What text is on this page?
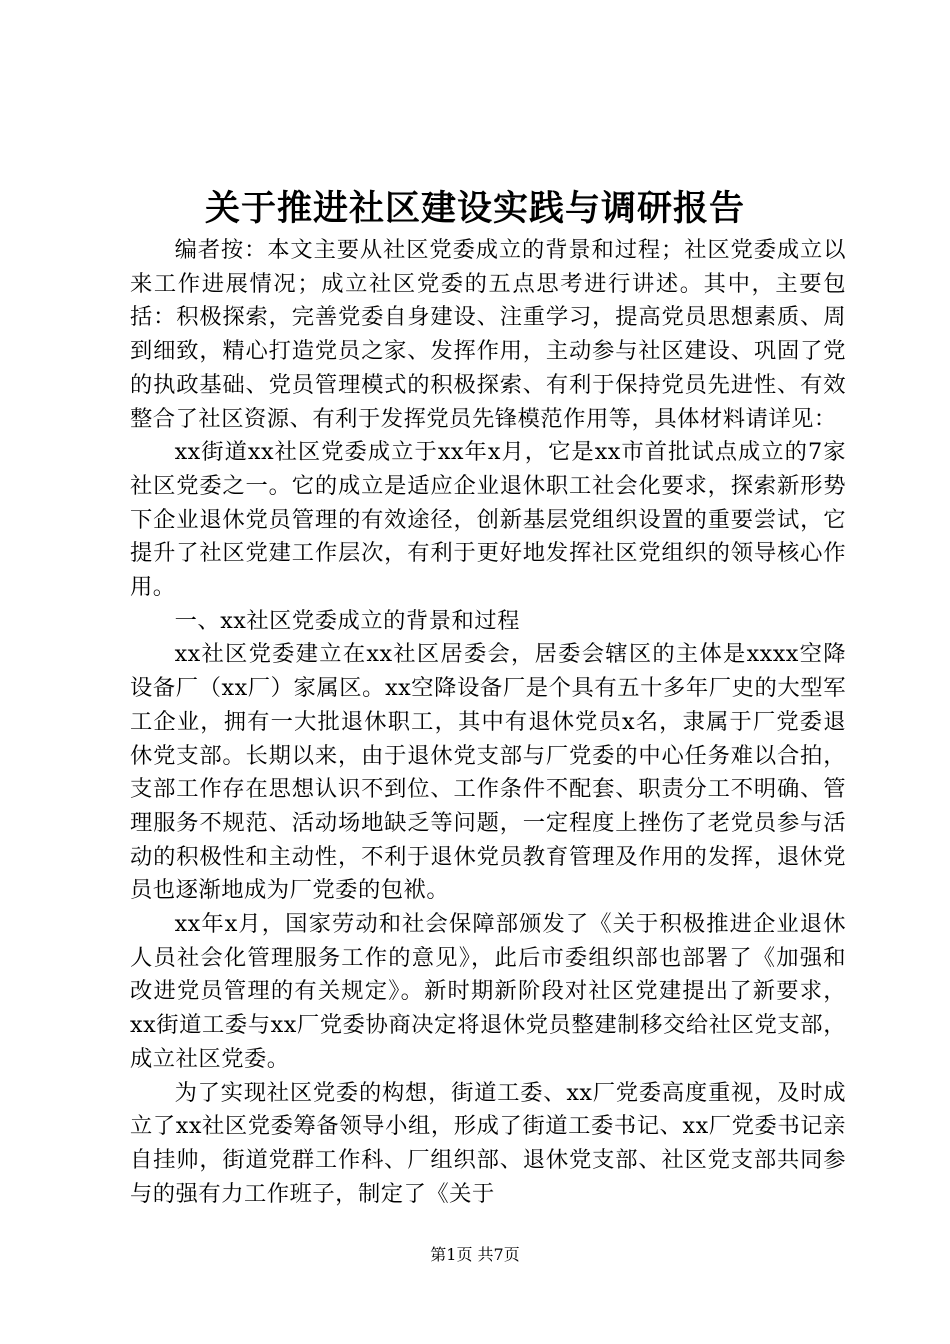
关于推进社区建设实践与调研报告

编者按：本文主要从社区党委成立的背景和过程；社区党委成立以来工作进展情况；成立社区党委的五点思考进行讲述。其中，主要包括：积极探索，完善党委自身建设、注重学习，提高党员思想素质、周到细致，精心打造党员之家、发挥作用，主动参与社区建设、巩固了党的执政基础、党员管理模式的积极探索、有利于保持党员先进性、有效整合了社区资源、有利于发挥党员先锋模范作用等，具体材料请详见：

xx街道xx社区党委成立于xx年x月，它是xx市首批试点成立的7家社区党委之一。它的成立是适应企业退休职工社会化要求，探索新形势下企业退休党员管理的有效途径，创新基层党组织设置的重要尝试，它提升了社区党建工作层次，有利于更好地发挥社区党组织的领导核心作用。

一、xx社区党委成立的背景和过程

xx社区党委建立在xx社区居委会，居委会辖区的主体是xxxx空降设备厂（xx厂）家属区。xx空降设备厂是个具有五十多年厂史的大型军工企业，拥有一大批退休职工，其中有退休党员x名，隶属于厂党委退休党支部。长期以来，由于退休党支部与厂党委的中心任务难以合拍，支部工作存在思想认识不到位、工作条件不配套、职责分工不明确、管理服务不规范、活动场地缺乏等问题，一定程度上挫伤了老党员参与活动的积极性和主动性，不利于退休党员教育管理及作用的发挥，退休党员也逐渐地成为厂党委的包袱。

xx年x月，国家劳动和社会保障部颁发了《关于积极推进企业退休人员社会化管理服务工作的意见》，此后市委组织部也部署了《加强和改进党员管理的有关规定》。新时期新阶段对社区党建提出了新要求，xx街道工委与xx厂党委协商决定将退休党员整建制移交给社区党支部，成立社区党委。

为了实现社区党委的构想，街道工委、xx厂党委高度重视，及时成立了xx社区党委筹备领导小组，形成了街道工委书记、xx厂党委书记亲自挂帅，街道党群工作科、厂组织部、退休党支部、社区党支部共同参与的强有力工作班子，制定了《关于

第1页 共7页
